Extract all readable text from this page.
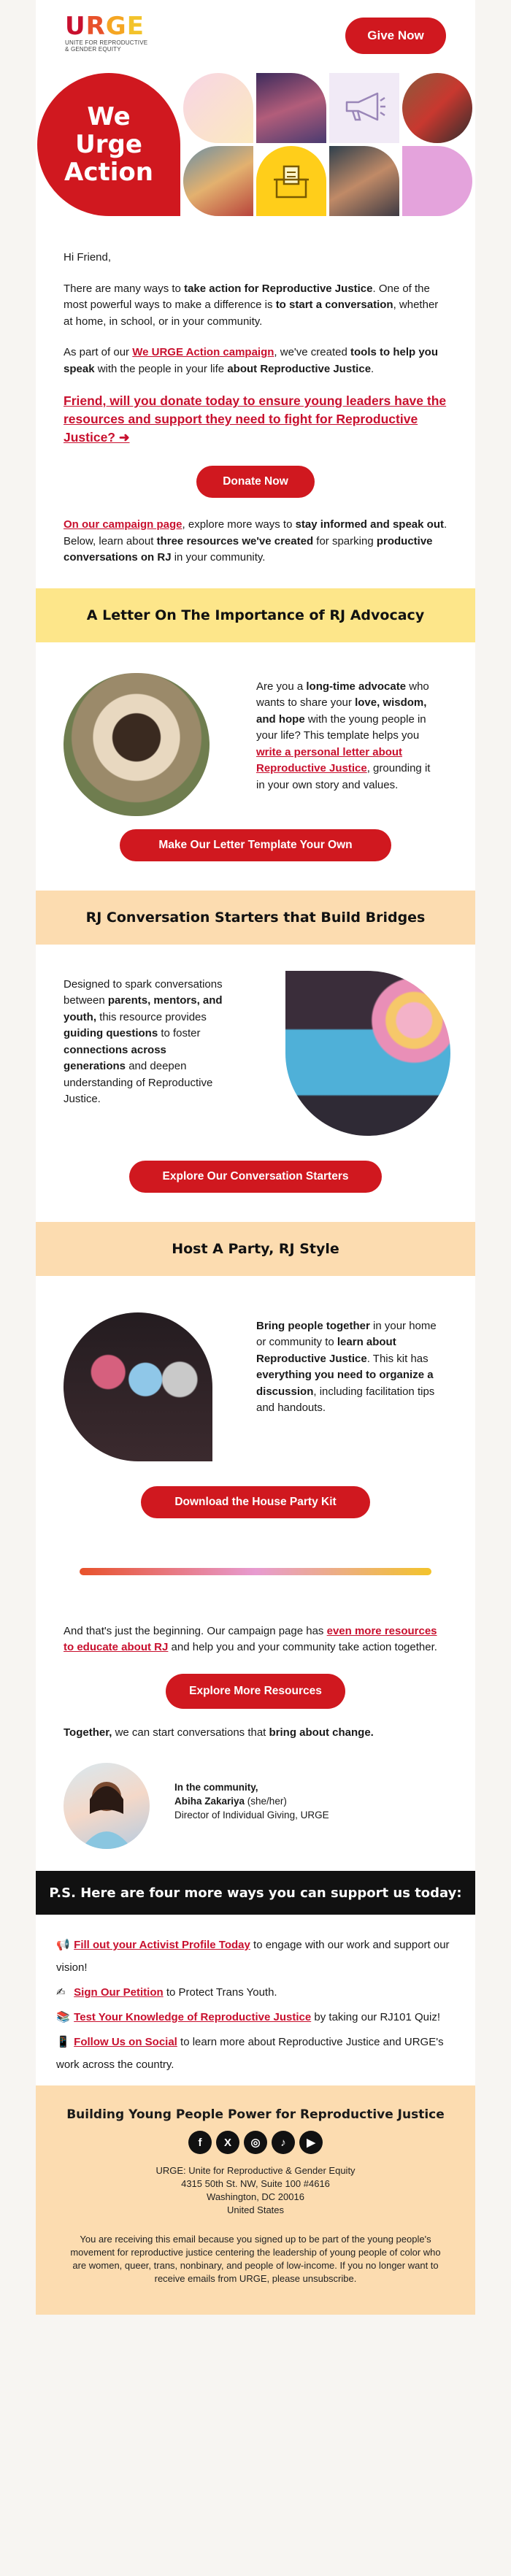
URGE
UNITE FOR REPRODUCTIVE
& GENDER EQUITY
Give Now
We
Urge
Action

Hi Friend,

There are many ways to take action for Reproductive Justice. One of the most powerful ways to make a difference is to start a conversation, whether at home, in school, or in your community.

As part of our We URGE Action campaign, we've created tools to help you speak with the people in your life about Reproductive Justice.

Friend, will you donate today to ensure young leaders have the resources and support they need to fight for Reproductive Justice? ➜

Donate Now

On our campaign page, explore more ways to stay informed and speak out. Below, learn about three resources we've created for sparking productive conversations on RJ in your community.

A Letter On The Importance of RJ Advocacy
Are you a long-time advocate who wants to share your love, wisdom, and hope with the young people in your life? This template helps you write a personal letter about Reproductive Justice, grounding it in your own story and values.
Make Our Letter Template Your Own
RJ Conversation Starters that Build Bridges
Designed to spark conversations between parents, mentors, and youth, this resource provides guiding questions to foster connections across generations and deepen understanding of Reproductive Justice.
Explore Our Conversation Starters
Host A Party, RJ Style
Bring people together in your home or community to learn about Reproductive Justice. This kit has everything you need to organize a discussion, including facilitation tips and handouts.
Download the House Party Kit

And that's just the beginning. Our campaign page has even more resources to educate about RJ and help you and your community take action together.

Explore More Resources

Together, we can start conversations that bring about change.

In the community,
Abiha Zakariya (she/her)
Director of Individual Giving, URGE
P.S. Here are four more ways you can support us today:
📢 Fill out your Activist Profile Today to engage with our work and support our vision!
✍ Sign Our Petition to Protect Trans Youth.
📚 Test Your Knowledge of Reproductive Justice by taking our RJ101 Quiz!
📱 Follow Us on Social to learn more about Reproductive Justice and URGE's work across the country.
Building Young People Power for Reproductive Justice
f	X	◎	♪	▶
URGE: Unite for Reproductive & Gender Equity
4315 50th St. NW, Suite 100 #4616
Washington, DC 20016
United States
You are receiving this email because you signed up to be part of the young people's movement for reproductive justice centering the leadership of young people of color who are women, queer, trans, nonbinary, and people of low-income. If you no longer want to receive emails from URGE, please unsubscribe.
